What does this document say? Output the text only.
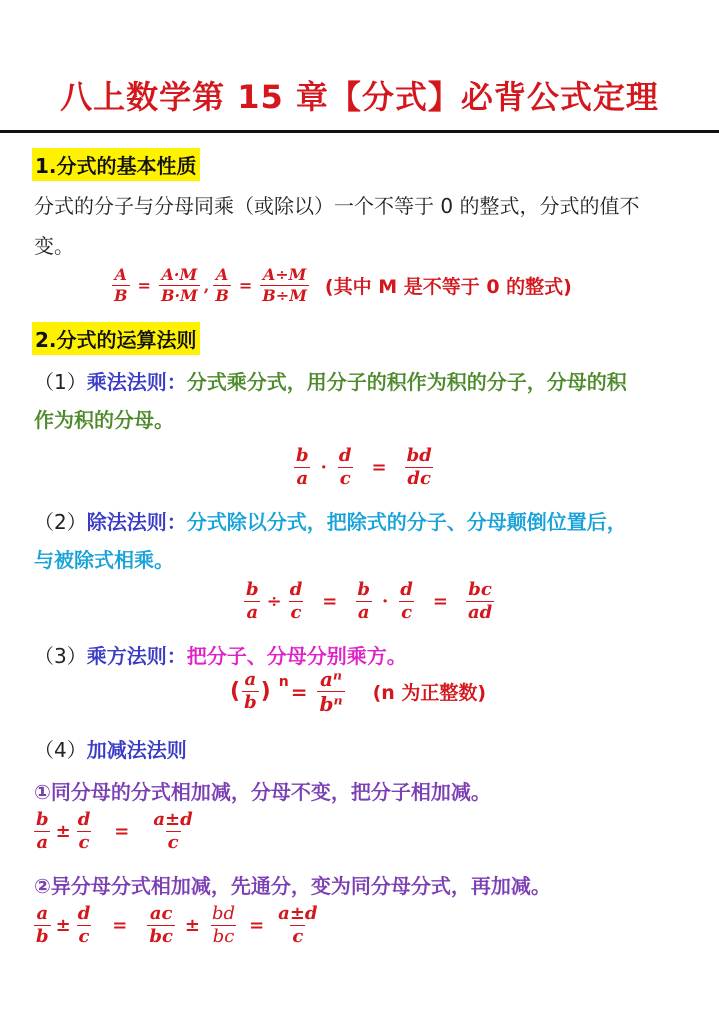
八上数学第 15 章【分式】必背公式定理
1.分式的基本性质
分式的分子与分母同乘（或除以）一个不等于 0 的整式，分式的值不
变。
$\frac{A}{B} = \frac{A\cdot M}{B\cdot M}$ , $\frac{A}{B} = \frac{A\div M}{B\div M}$ (其中 M 是不等于 0 的整式)
2.分式的运算法则
（1）乘法法则：分式乘分式，用分子的积作为积的分子，分母的积
作为积的分母。
$\frac{b}{a} \cdot \frac{d}{c} = \frac{bd}{dc}$
（2）除法法则：分式除以分式，把除式的分子、分母颠倒位置后，
与被除式相乘。
$\frac{b}{a} \div \frac{d}{c} = \frac{b}{a} \cdot \frac{d}{c} = \frac{bc}{ad}$
（3）乘方法则：把分子、分母分别乘方。
( $\frac{a}{b}$ ) $n = \frac{\text{aⁿ}}{\text{bⁿ}} (n$ 为正整数)
（4）加减法法则
①同分母的分式相加减，分母不变，把分子相加减。
$\frac{b}{a} \pm \frac{d}{c} = \frac{a\pm d}{c}$
②异分母分式相加减，先通分，变为同分母分式，再加减。
$\frac{a}{b} \pm \frac{d}{c} = \frac{ac}{bc} \pm \frac{bd}{bc} = \frac{a\pm d}{c}$
